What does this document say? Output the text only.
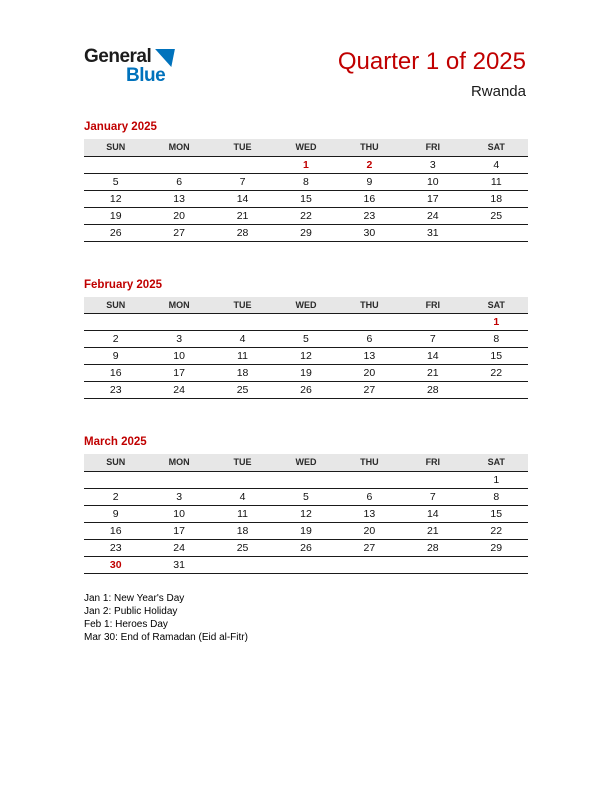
General
Blue
Quarter 1 of 2025
Rwanda
January 2025
SUN	MON	TUE	WED	THU	FRI	SAT
			1	2	3	4
5	6	7	8	9	10	11
12	13	14	15	16	17	18
19	20	21	22	23	24	25
26	27	28	29	30	31	
February 2025
SUN	MON	TUE	WED	THU	FRI	SAT
						1
2	3	4	5	6	7	8
9	10	11	12	13	14	15
16	17	18	19	20	21	22
23	24	25	26	27	28	
March 2025
SUN	MON	TUE	WED	THU	FRI	SAT
						1
2	3	4	5	6	7	8
9	10	11	12	13	14	15
16	17	18	19	20	21	22
23	24	25	26	27	28	29
30	31					
Jan 1: New Year's Day
Jan 2: Public Holiday
Feb 1: Heroes Day
Mar 30: End of Ramadan (Eid al-Fitr)
